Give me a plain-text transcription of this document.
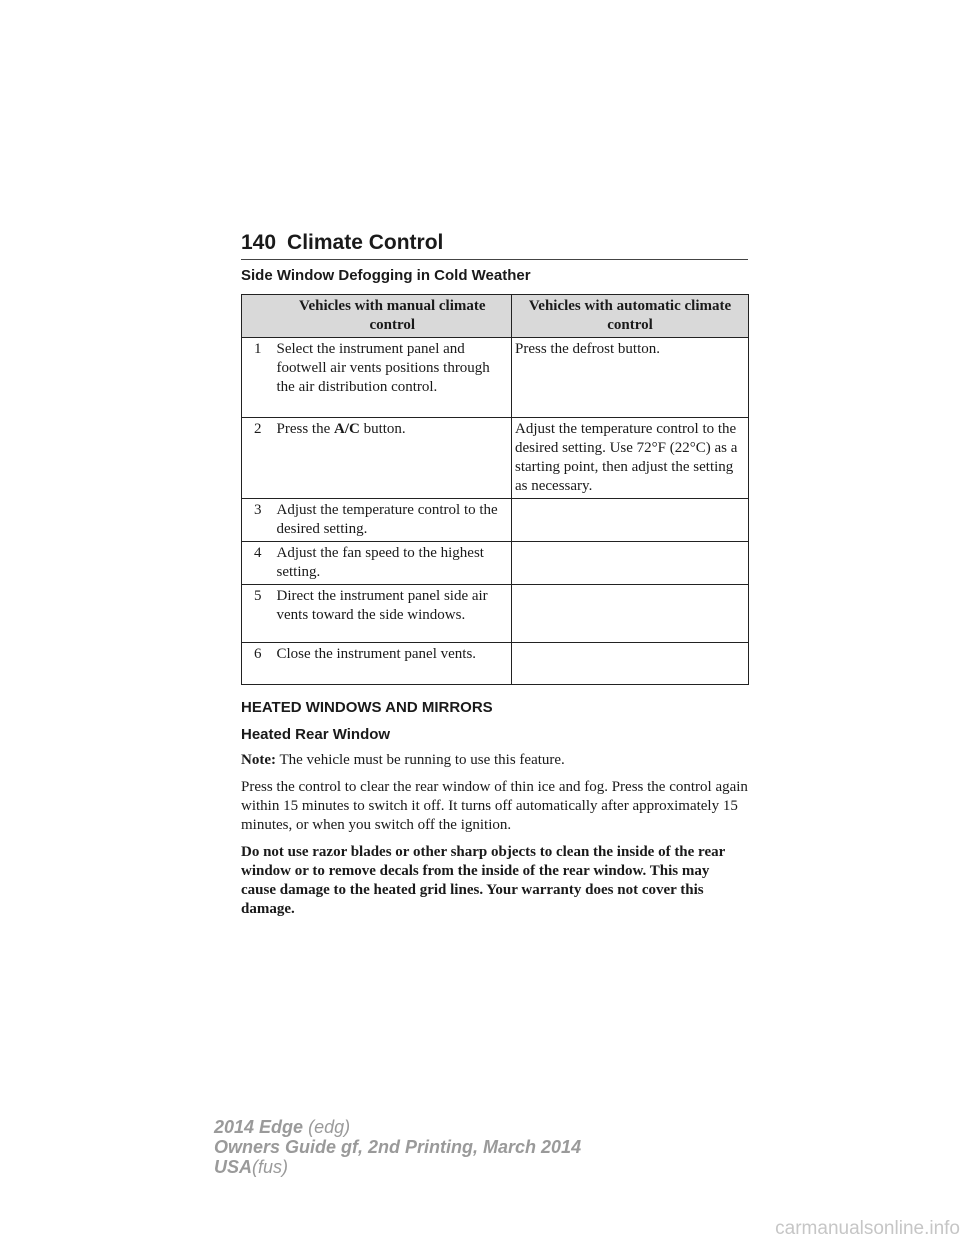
140 Climate Control
Side Window Defogging in Cold Weather
	Vehicles with manual climate control	Vehicles with automatic climate control
1	Select the instrument panel and footwell air vents positions through the air distribution control.	Press the defrost button.
2	Press the A/C button.	Adjust the temperature control to the desired setting. Use 72°F (22°C) as a starting point, then adjust the setting as necessary.
3	Adjust the temperature control to the desired setting.	
4	Adjust the fan speed to the highest setting.	
5	Direct the instrument panel side air vents toward the side windows.	
6	Close the instrument panel vents.	
HEATED WINDOWS AND MIRRORS
Heated Rear Window

Note: The vehicle must be running to use this feature.

Press the control to clear the rear window of thin ice and fog. Press the control again within 15 minutes to switch it off. It turns off automatically after approximately 15 minutes, or when you switch off the ignition.

Do not use razor blades or other sharp objects to clean the inside of the rear window or to remove decals from the inside of the rear window. This may cause damage to the heated grid lines. Your warranty does not cover this damage.

2014 Edge (edg)
Owners Guide gf, 2nd Printing, March 2014
USA(fus)
carmanualsonline.info
